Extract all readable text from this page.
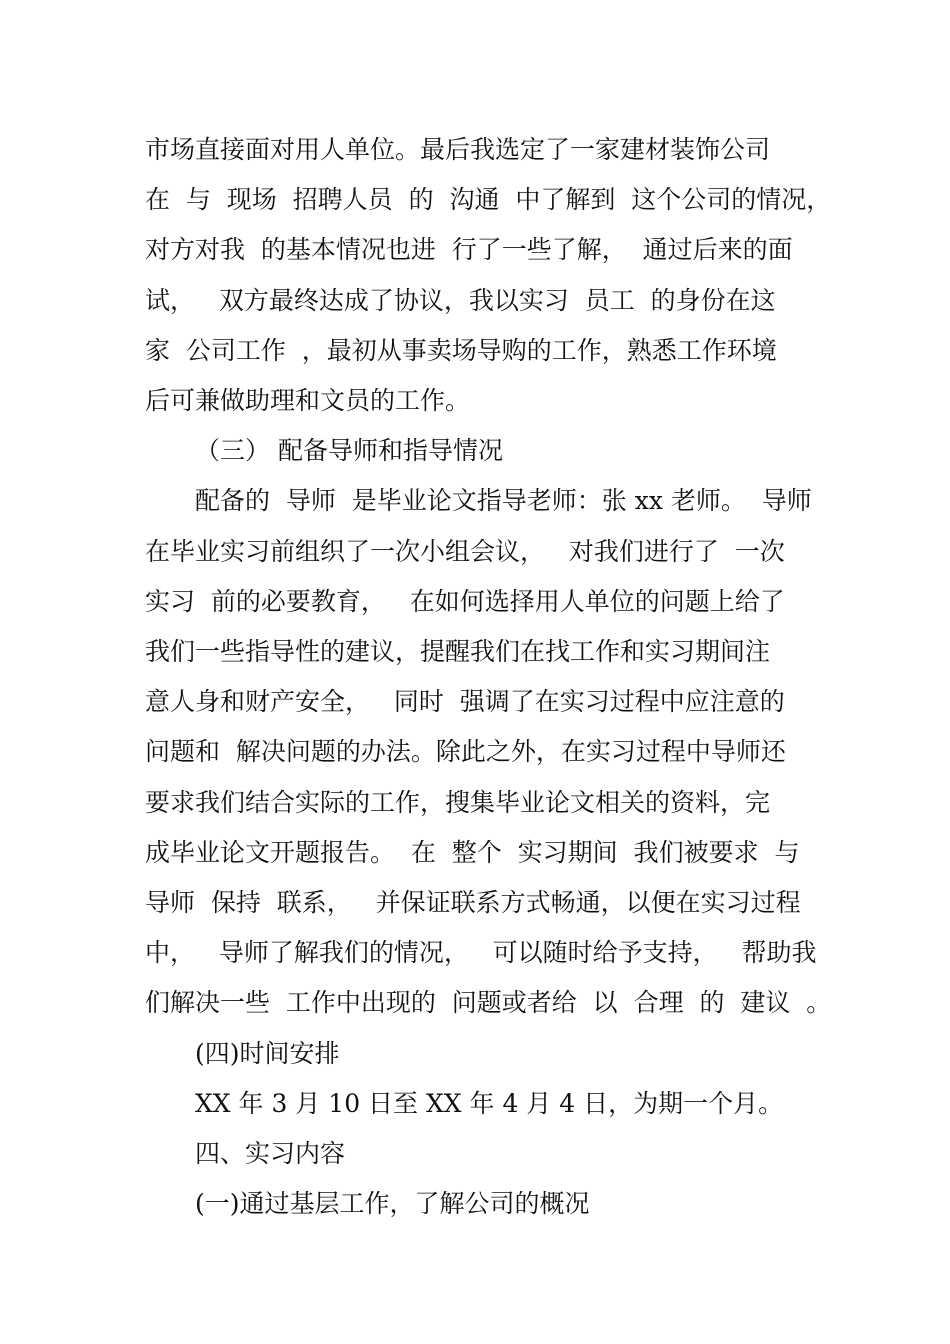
市场直接面对用人单位。最后我选定了一家建材装饰公司
在  与  现场  招聘人员  的  沟通  中了解到  这个公司的情况，
对方对我  的基本情况也进  行了一些了解，  通过后来的面
试，   双方最终达成了协议，我以实习  员工  的身份在这
家  公司工作  ，最初从事卖场导购的工作，熟悉工作环境
后可兼做助理和文员的工作。
（三） 配备导师和指导情况
配备的  导师  是毕业论文指导老师：张 xx 老师。  导师
在毕业实习前组织了一次小组会议，   对我们进行了  一次
实习  前的必要教育，   在如何选择用人单位的问题上给了
我们一些指导性的建议，提醒我们在找工作和实习期间注
意人身和财产安全，   同时  强调了在实习过程中应注意的
问题和  解决问题的办法。除此之外，在实习过程中导师还
要求我们结合实际的工作，搜集毕业论文相关的资料，完
成毕业论文开题报告。  在  整个  实习期间  我们被要求  与
导师  保持  联系，   并保证联系方式畅通，以便在实习过程
中，   导师了解我们的情况，   可以随时给予支持，   帮助我
们解决一些  工作中出现的  问题或者给  以  合理  的  建议  。
(四)时间安排
XX 年 3 月 10 日至 XX 年 4 月 4 日，为期一个月。
四、实习内容
(一)通过基层工作，了解公司的概况
